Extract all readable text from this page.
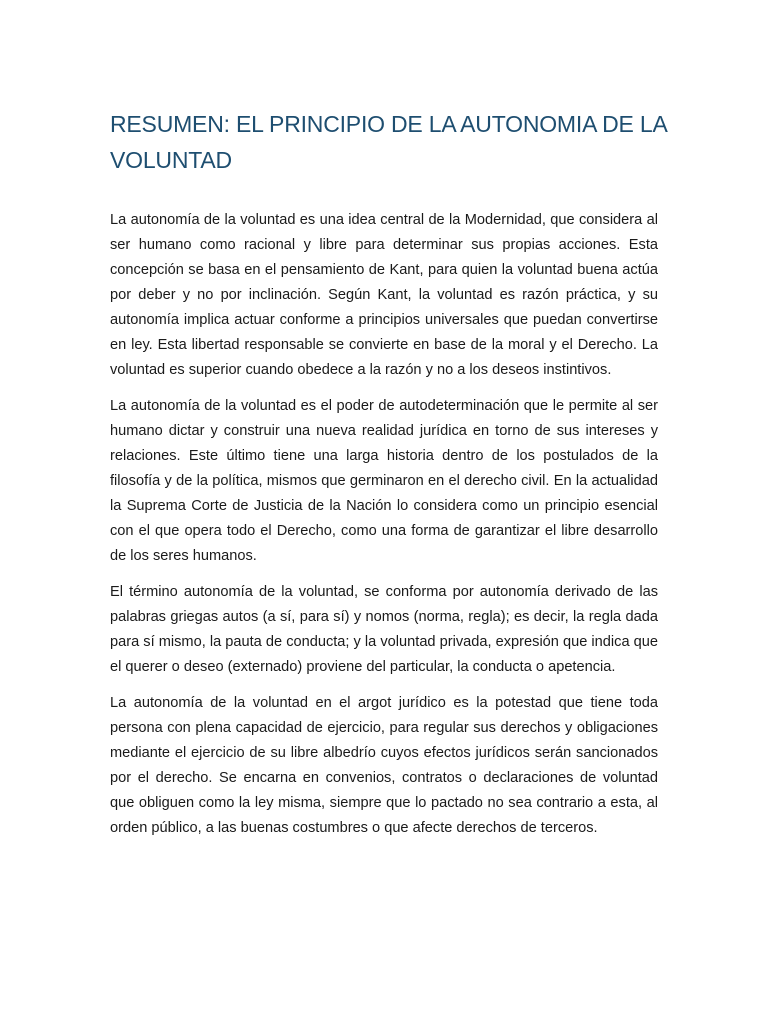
RESUMEN: EL PRINCIPIO DE LA AUTONOMIA DE LA VOLUNTAD

La autonomía de la voluntad es una idea central de la Modernidad, que considera al ser humano como racional y libre para determinar sus propias acciones. Esta concepción se basa en el pensamiento de Kant, para quien la voluntad buena actúa por deber y no por inclinación. Según Kant, la voluntad es razón práctica, y su autonomía implica actuar conforme a principios universales que puedan convertirse en ley. Esta libertad responsable se convierte en base de la moral y el Derecho. La voluntad es superior cuando obedece a la razón y no a los deseos instintivos.

La autonomía de la voluntad es el poder de autodeterminación que le permite al ser humano dictar y construir una nueva realidad jurídica en torno de sus intereses y relaciones. Este último tiene una larga historia dentro de los postulados de la filosofía y de la política, mismos que germinaron en el derecho civil. En la actualidad la Suprema Corte de Justicia de la Nación lo considera como un principio esencial con el que opera todo el Derecho, como una forma de garantizar el libre desarrollo de los seres humanos.

El término autonomía de la voluntad, se conforma por autonomía derivado de las palabras griegas autos (a sí, para sí) y nomos (norma, regla); es decir, la regla dada para sí mismo, la pauta de conducta; y la voluntad privada, expresión que indica que el querer o deseo (externado) proviene del particular, la conducta o apetencia.

La autonomía de la voluntad en el argot jurídico es la potestad que tiene toda persona con plena capacidad de ejercicio, para regular sus derechos y obligaciones mediante el ejercicio de su libre albedrío cuyos efectos jurídicos serán sancionados por el derecho. Se encarna en convenios, contratos o declaraciones de voluntad que obliguen como la ley misma, siempre que lo pactado no sea contrario a esta, al orden público, a las buenas costumbres o que afecte derechos de terceros.
